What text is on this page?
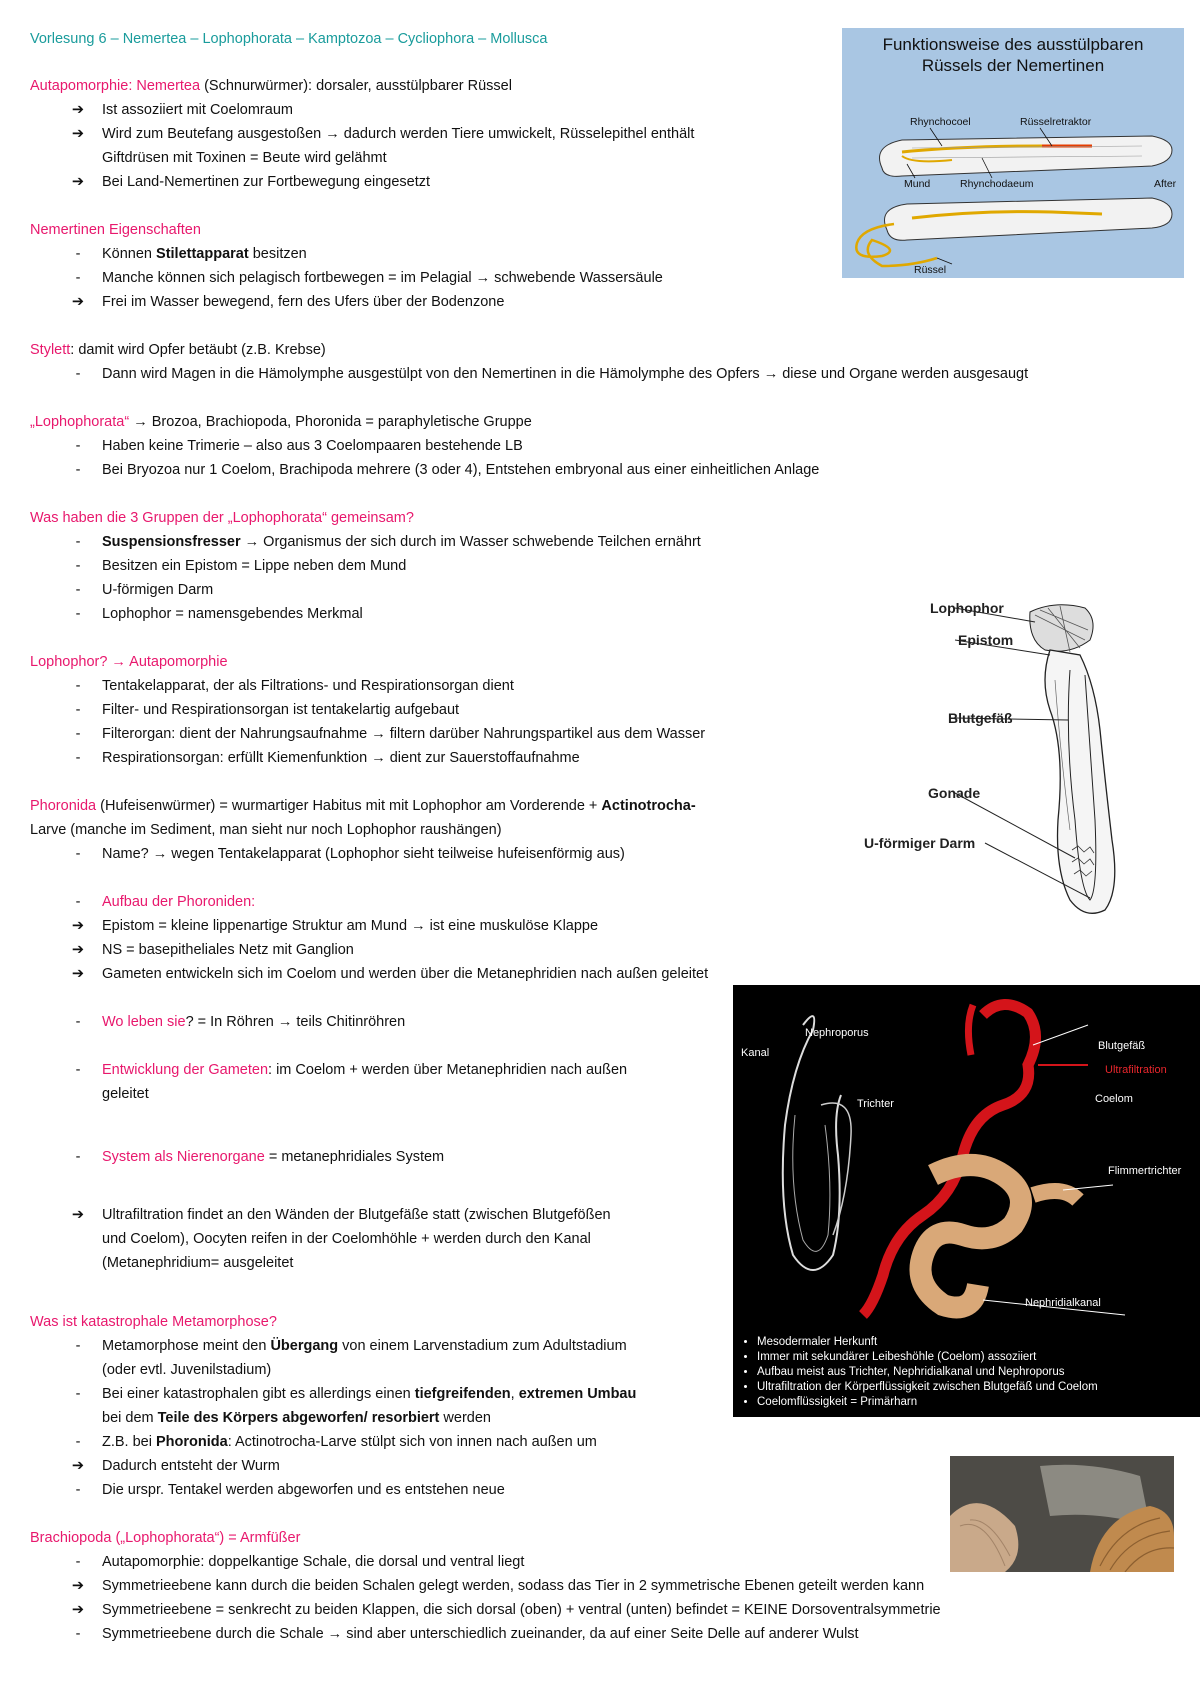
Vorlesung 6 – Nemertea – Lophophorata – Kamptozoa – Cycliophora – Mollusca
Autapomorphie: Nemertea (Schnurwürmer): dorsaler, ausstülpbarer Rüssel
➔ Ist assoziiert mit Coelomraum
➔ Wird zum Beutefang ausgestoßen → dadurch werden Tiere umwickelt, Rüsselepithel enthält
Giftdrüsen mit Toxinen = Beute wird gelähmt
➔ Bei Land-Nemertinen zur Fortbewegung eingesetzt
Nemertinen Eigenschaften
-	Können Stilettapparat besitzen
-	Manche können sich pelagisch fortbewegen = im Pelagial → schwebende Wassersäule
➔ Frei im Wasser bewegend, fern des Ufers über der Bodenzone
Stylett: damit wird Opfer betäubt (z.B. Krebse)
-	Dann wird Magen in die Hämolymphe ausgestülpt von den Nemertinen in die Hämolymphe des Opfers → diese und Organe werden ausgesaugt
„Lophophorata“ → Brozoa, Brachiopoda, Phoronida = paraphyletische Gruppe
-	Haben keine Trimerie – also aus 3 Coelompaaren bestehende LB
-	Bei Bryozoa nur 1 Coelom, Brachipoda mehrere (3 oder 4), Entstehen embryonal aus einer einheitlichen Anlage
Was haben die 3 Gruppen der „Lophophorata“ gemeinsam?
-	Suspensionsfresser → Organismus der sich durch im Wasser schwebende Teilchen ernährt
-	Besitzen ein Epistom = Lippe neben dem Mund
-	U-förmigen Darm
-	Lophophor = namensgebendes Merkmal
Lophophor? → Autapomorphie
-	Tentakelapparat, der als Filtrations- und Respirationsorgan dient
-	Filter- und Respirationsorgan ist tentakelartig aufgebaut
-	Filterorgan: dient der Nahrungsaufnahme → filtern darüber Nahrungspartikel aus dem Wasser
-	Respirationsorgan: erfüllt Kiemenfunktion → dient zur Sauerstoffaufnahme
Phoronida (Hufeisenwürmer) = wurmartiger Habitus mit mit Lophophor am Vorderende + Actinotrocha-
Larve (manche im Sediment, man sieht nur noch Lophophor raushängen)
-	Name? → wegen Tentakelapparat (Lophophor sieht teilweise hufeisenförmig aus)
-	Aufbau der Phoroniden:
➔ Epistom = kleine lippenartige Struktur am Mund → ist eine muskulöse Klappe
➔ NS = basepitheliales Netz mit Ganglion
➔ Gameten entwickeln sich im Coelom und werden über die Metanephridien nach außen geleitet
-	Wo leben sie? = In Röhren → teils Chitinröhren
-	Entwicklung der Gameten: im Coelom + werden über Metanephridien nach außen
geleitet
-	System als Nierenorgane = metanephridiales System
➔ Ultrafiltration findet an den Wänden der Blutgefäße statt (zwischen Blutgefößen
und Coelom), Oocyten reifen in der Coelomhöhle + werden durch den Kanal
(Metanephridium= ausgeleitet
Was ist katastrophale Metamorphose?
-	Metamorphose meint den Übergang von einem Larvenstadium zum Adultstadium
(oder evtl. Juvenilstadium)
-	Bei einer katastrophalen gibt es allerdings einen tiefgreifenden, extremen Umbau
bei dem Teile des Körpers abgeworfen/ resorbiert werden
-	Z.B. bei Phoronida: Actinotrocha-Larve stülpt sich von innen nach außen um
➔ Dadurch entsteht der Wurm
-	Die urspr. Tentakel werden abgeworfen und es entstehen neue
Brachiopoda („Lophophorata“) = Armfüßer
-	Autapomorphie: doppelkantige Schale, die dorsal und ventral liegt
➔ Symmetrieebene kann durch die beiden Schalen gelegt werden, sodass das Tier in 2 symmetrische Ebenen geteilt werden kann
➔ Symmetrieebene = senkrecht zu beiden Klappen, die sich dorsal (oben) + ventral (unten) befindet = KEINE Dorsoventralsymmetrie
-	Symmetrieebene durch die Schale → sind aber unterschiedlich zueinander, da auf einer Seite Delle auf anderer Wulst
Funktionsweise des ausstülpbaren
Rüssels der Nemertinen
Rhynchocoel	Rüsselretraktor
Mund	Rhynchodaeum	After
Rüssel
Lophophor
Epistom
Blutgefäß
Gonade
U-förmiger Darm
Nephroporus
Kanal
Trichter
Blutgefäß
Ultrafiltration
Coelom
Flimmertrichter
Nephridialkanal
• Mesodermaler Herkunft
• Immer mit sekundärer Leibeshöhle (Coelom) assoziiert
• Aufbau meist aus Trichter, Nephridialkanal und Nephroporus
• Ultrafiltration der Körperflüssigkeit zwischen Blutgefäß und Coelom
• Coelomflüssigkeit = Primärharn
